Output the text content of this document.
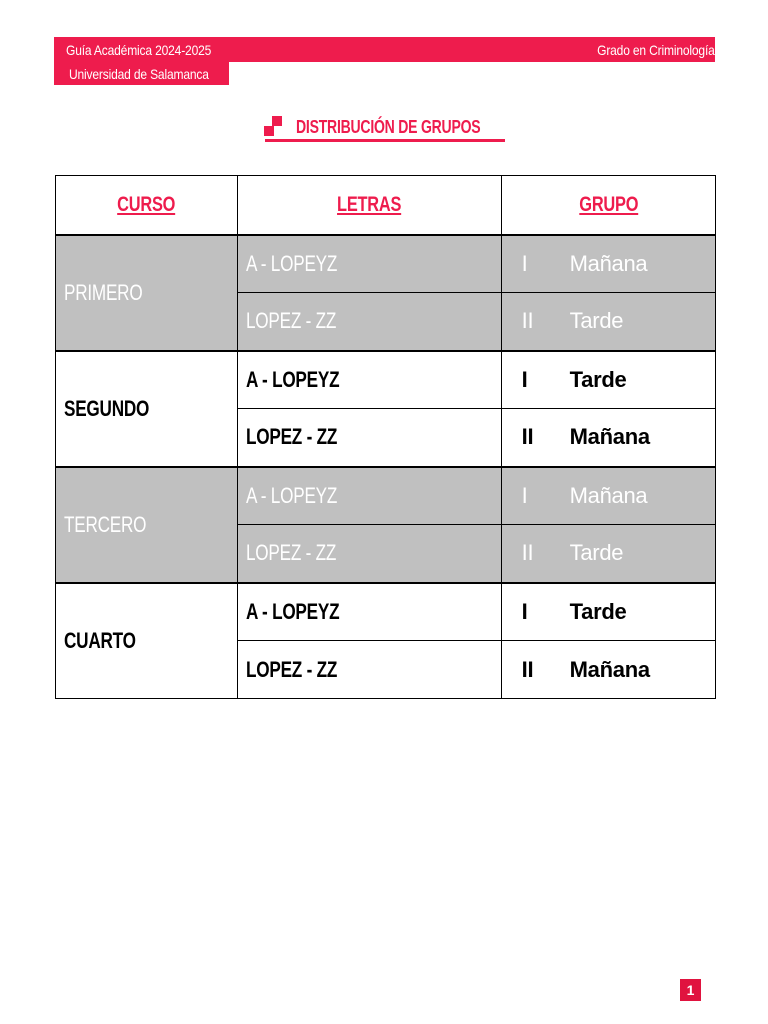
Guía Académica 2024-2025
Universidad de Salamanca
Grado en Criminología
DISTRIBUCIÓN DE GRUPOS
CURSO	LETRAS	GRUPO
PRIMERO	A - LOPEYZ	I Mañana

	LOPEZ - ZZ	II Tarde

SEGUNDO	A - LOPEYZ	I Tarde

	LOPEZ - ZZ	II Mañana

TERCERO	A - LOPEYZ	I Mañana

	LOPEZ - ZZ	II Tarde

CUARTO	A - LOPEYZ	I Tarde

	LOPEZ - ZZ	II Mañana
1
